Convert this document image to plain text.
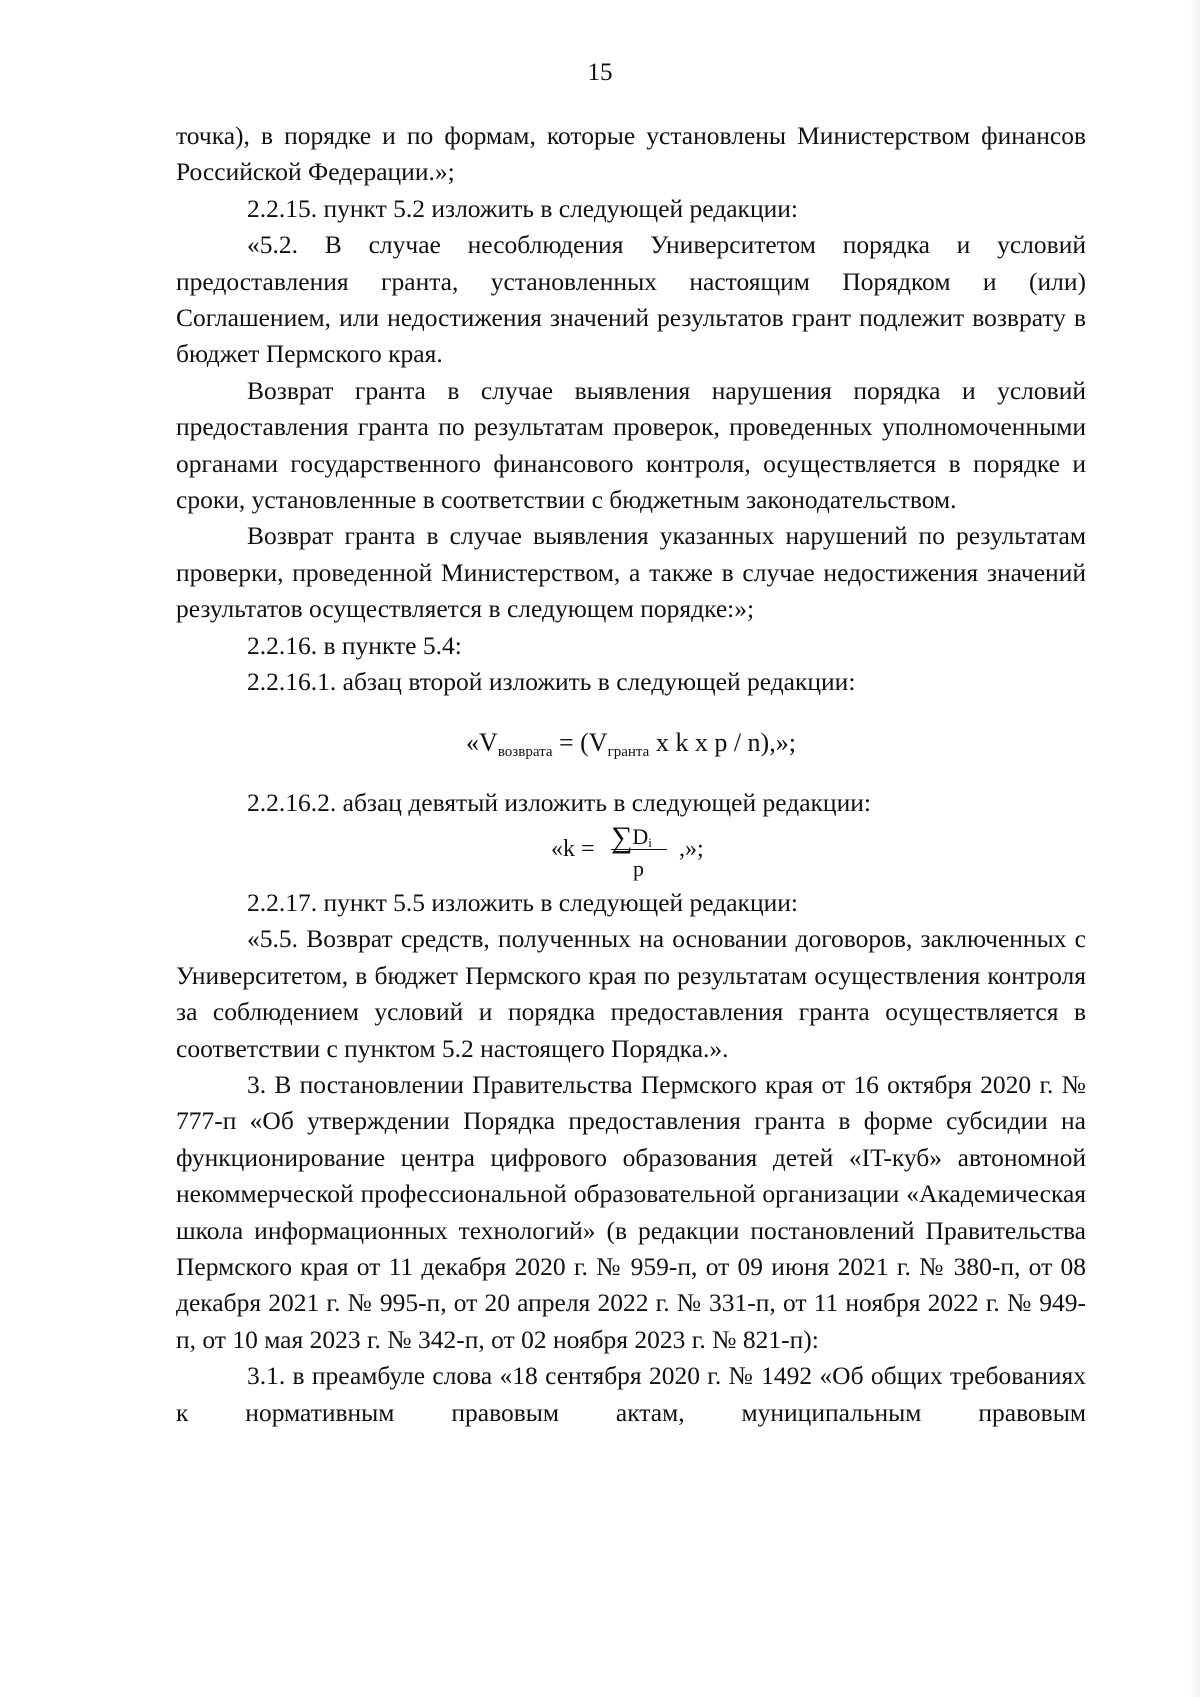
15

точка), в порядке и по формам, которые установлены Министерством финансов Российской Федерации.»;

2.2.15. пункт 5.2 изложить в следующей редакции:

«5.2. В случае несоблюдения Университетом порядка и условий предоставления гранта, установленных настоящим Порядком и (или) Соглашением, или недостижения значений результатов грант подлежит возврату в бюджет Пермского края.

Возврат гранта в случае выявления нарушения порядка и условий предоставления гранта по результатам проверок, проведенных уполномоченными органами государственного финансового контроля, осуществляется в порядке и сроки, установленные в соответствии с бюджетным законодательством.

Возврат гранта в случае выявления указанных нарушений по результатам проверки, проведенной Министерством, а также в случае недостижения значений результатов осуществляется в следующем порядке:»;

2.2.16. в пункте 5.4:

2.2.16.1. абзац второй изложить в следующей редакции:

«$V_{возврата} = (V_{гранта}$ х k х p / n),»;

2.2.16.2. абзац девятый изложить в следующей редакции:

«$k = \sum D_i$
p
,»;

2.2.17. пункт 5.5 изложить в следующей редакции:

«5.5. Возврат средств, полученных на основании договоров, заключенных с Университетом, в бюджет Пермского края по результатам осуществления контроля за соблюдением условий и порядка предоставления гранта осуществляется в соответствии с пунктом 5.2 настоящего Порядка.».

3. В постановлении Правительства Пермского края от 16 октября 2020 г. № 777-п «Об утверждении Порядка предоставления гранта в форме субсидии на функционирование центра цифрового образования детей «IT-куб» автономной некоммерческой профессиональной образовательной организации «Академическая школа информационных технологий» (в редакции постановлений Правительства Пермского края от 11 декабря 2020 г. № 959-п, от 09 июня 2021 г. № 380-п, от 08 декабря 2021 г. № 995-п, от 20 апреля 2022 г. № 331-п, от 11 ноября 2022 г. № 949-п, от 10 мая 2023 г. № 342-п, от 02 ноября 2023 г. № 821-п):

3.1. в преамбуле слова «18 сентября 2020 г. № 1492 «Об общих требованиях к нормативным правовым актам, муниципальным правовым
